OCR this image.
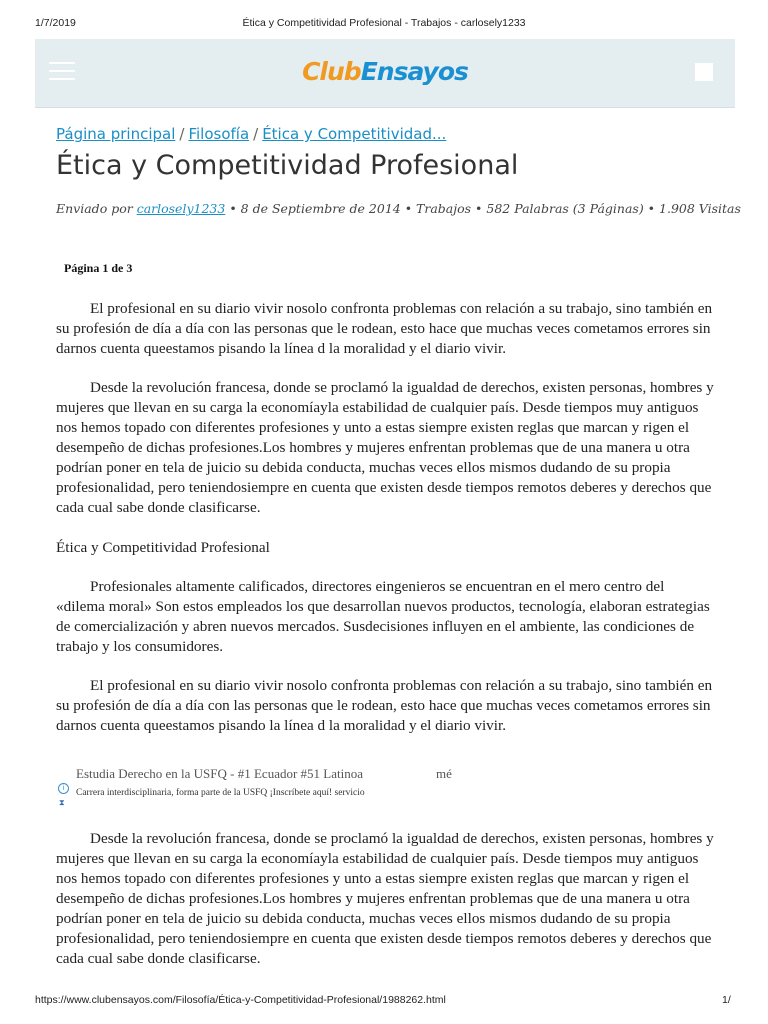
1/7/2019	Ética y Competitividad Profesional - Trabajos - carlosely1233
ClubEnsayos
Página principal / Filosofía / Ética y Competitividad...
Ética y Competitividad Profesional
Enviado por carlosely1233 • 8 de Septiembre de 2014 • Trabajos • 582 Palabras (3 Páginas) • 1.908 Visitas
Página 1 de 3

El profesional en su diario vivir nosolo confronta problemas con relación a su trabajo, sino también en su profesión de día a día con las personas que le rodean, esto hace que muchas veces cometamos errores sin darnos cuenta queestamos pisando la línea d la moralidad y el diario vivir.

Desde la revolución francesa, donde se proclamó la igualdad de derechos, existen personas, hombres y mujeres que llevan en su carga la economíayla estabilidad de cualquier país. Desde tiempos muy antiguos nos hemos topado con diferentes profesiones y unto a estas siempre existen reglas que marcan y rigen el desempeño de dichas profesiones.Los hombres y mujeres enfrentan problemas que de una manera u otra podrían poner en tela de juicio su debida conducta, muchas veces ellos mismos dudando de su propia profesionalidad, pero teniendosiempre en cuenta que existen desde tiempos remotos deberes y derechos que cada cual sabe donde clasificarse.

Ética y Competitividad Profesional

Profesionales altamente calificados, directores eingenieros se encuentran en el mero centro del «dilema moral» Son estos empleados los que desarrollan nuevos productos, tecnología, elaboran estrategias de comercialización y abren nuevos mercados. Susdecisiones influyen en el ambiente, las condiciones de trabajo y los consumidores.

El profesional en su diario vivir nosolo confronta problemas con relación a su trabajo, sino también en su profesión de día a día con las personas que le rodean, esto hace que muchas veces cometamos errores sin darnos cuenta queestamos pisando la línea d la moralidad y el diario vivir.

Estudia Derecho en la USFQ - #1 Ecuador #51 Latinoa	mé
i
⧗
Carrera interdisciplinaria, forma parte de la USFQ ¡Inscríbete aquí! servicio

Desde la revolución francesa, donde se proclamó la igualdad de derechos, existen personas, hombres y mujeres que llevan en su carga la economíayla estabilidad de cualquier país. Desde tiempos muy antiguos nos hemos topado con diferentes profesiones y unto a estas siempre existen reglas que marcan y rigen el desempeño de dichas profesiones.Los hombres y mujeres enfrentan problemas que de una manera u otra podrían poner en tela de juicio su debida conducta, muchas veces ellos mismos dudando de su propia profesionalidad, pero teniendosiempre en cuenta que existen desde tiempos remotos deberes y derechos que cada cual sabe donde clasificarse.

https://www.clubensayos.com/Filosofía/Ética-y-Competitividad-Profesional/1988262.html	1/
